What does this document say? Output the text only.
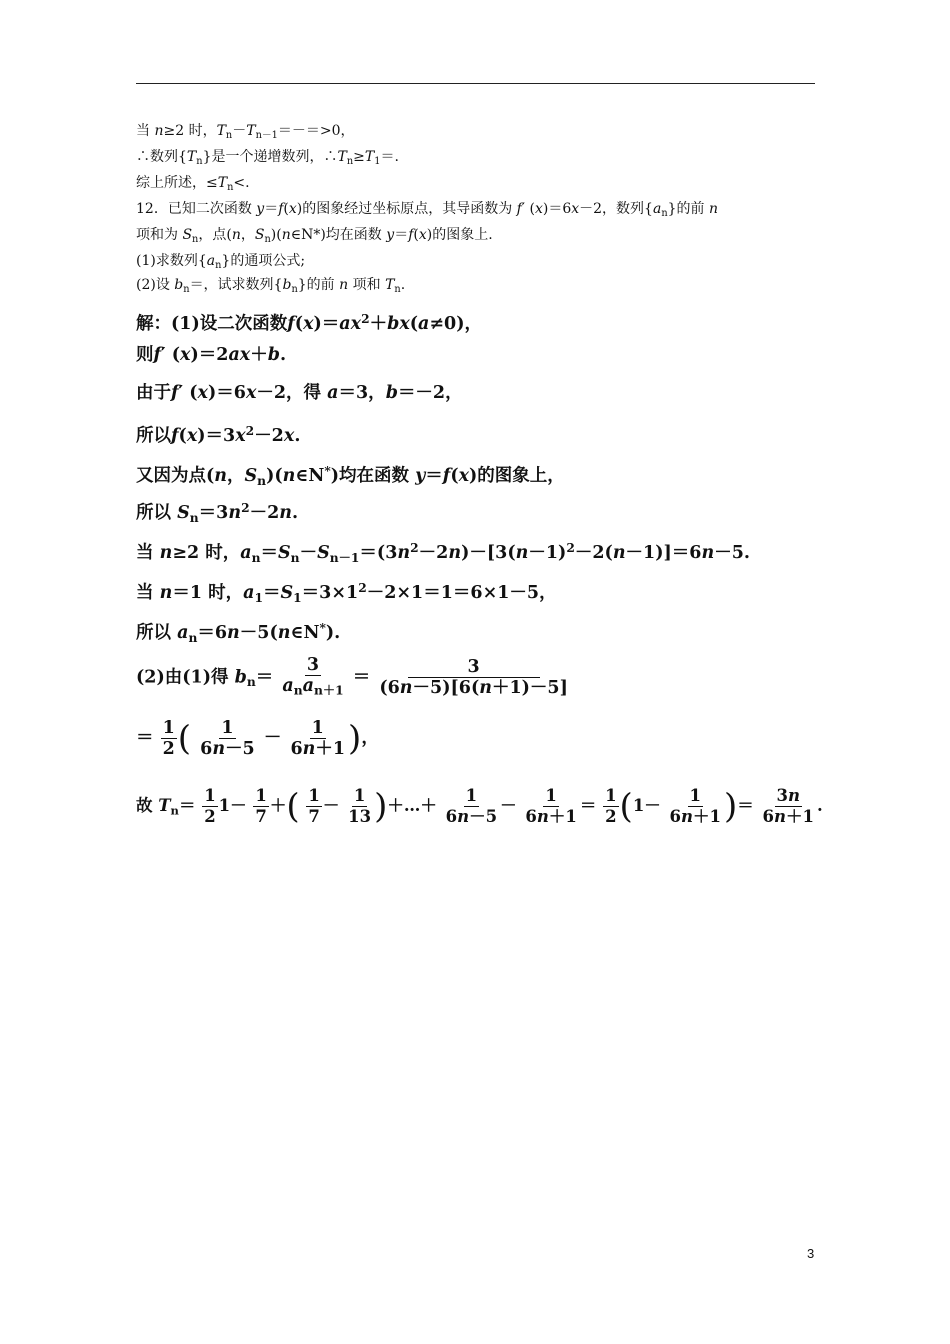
当 n≥2 时，$T_n-T_{n-1}=-=>0$，
∴数列$\{T_n\}$是一个递增数列，$\therefore T_n\ge T_1=$.
综上所述，$\le T_n<$.
12．已知二次函数 y＝f(x)的图象经过坐标原点，其导函数为 f′ (x)＝6x－2，数列$\{a_n\}$的前 n
项和为 $S_n$，点(n，$S_n)(n\in N*)$均在函数 y＝f(x)的图象上.
(1)求数列$\{a_n\}$的通项公式;
(2)设 $b_n=$，试求数列$\{b_n\}$的前 n 项和 $T_n$.
解：(1)设二次函数$f(x)=ax^2+bx(a\ne 0)$，
则f′ (x)＝2ax＋b.
由于f′ (x)＝6x－2，得 a＝3，b＝－2，
所以$f(x)=3x^2-2x$.
又因为点(n，$S_n)(n\in N^*)$均在函数 y＝f(x)的图象上，
所以 $S_n=3n^2-2n$.
当 n≥2 时，$a_n=S_n-S_{n-1}=(3n^2-2n)-[3(n-1)^2-2(n-1)]=6n-5$.
当 n＝1 时，$a_1=S_1=3\times 1^2-2\times 1=1=6\times 1-5$，
所以 $a_n=6n-5(n\in N^*)$.
(2)由(1)得 $b_n= \frac{3}{a_na_{n+1}} = \frac{3}{(6n-5)[6(n+1)-5]}$
＝ $\frac{1}{2}$ ( $\frac{1}{6n-5} - \frac{1}{6n+1}$ )，
故 $T_n= \frac{1}{2} 1- \frac{1}{7}$ ＋( $\frac{1}{7} - \frac{1}{13}$ )＋…＋ $\frac{1}{6n-5} - \frac{1}{6n+1} = \frac{1}{2} (1- \frac{1}{6n+1}$ )＝ $\frac{3n}{6n+1}$ .
3
